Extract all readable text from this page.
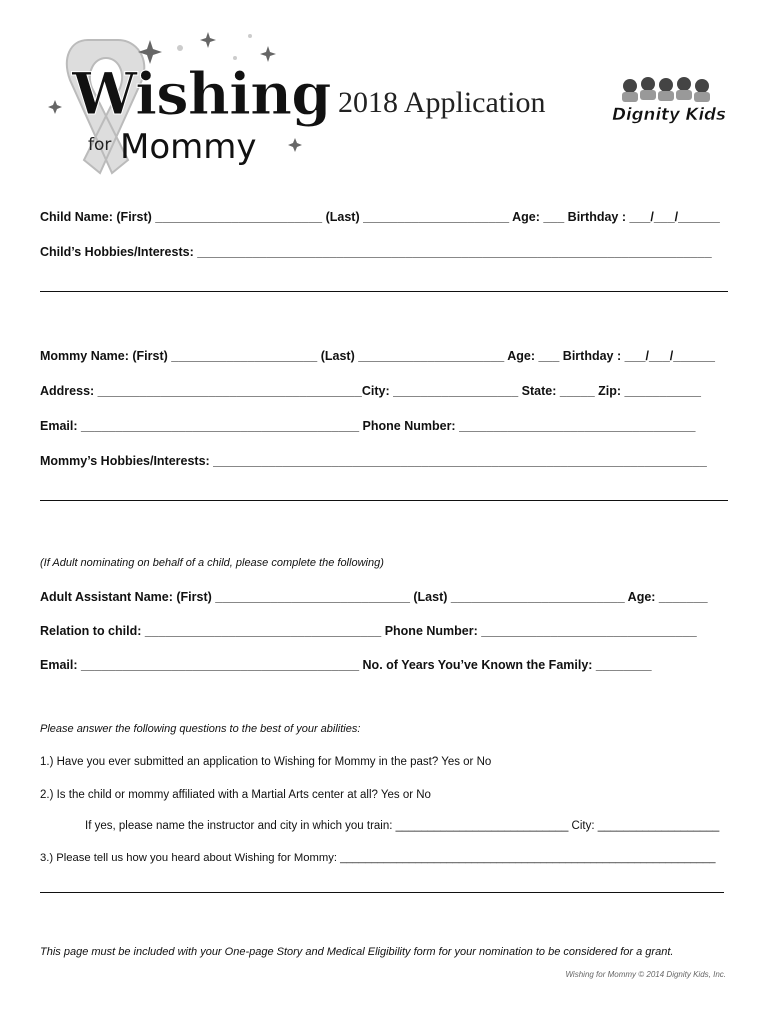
Wishing
for Mommy
2018 Application	Dignity Kids
Child Name: (First) ________________________ (Last) _____________________ Age: ___ Birthday : ___/___/______
Child’s Hobbies/Interests: __________________________________________________________________________
Mommy Name: (First) _____________________ (Last) _____________________ Age: ___ Birthday : ___/___/______
Address: ______________________________________City: __________________ State: _____ Zip: ___________
Email: ________________________________________ Phone Number: __________________________________
Mommy’s Hobbies/Interests: _______________________________________________________________________
(If Adult nominating on behalf of a child, please complete the following)
Adult Assistant Name: (First) ____________________________ (Last) _________________________ Age: _______
Relation to child: __________________________________ Phone Number: _______________________________
Email: ________________________________________ No. of Years You’ve Known the Family: ________
Please answer the following questions to the best of your abilities:
1.) Have you ever submitted an application to Wishing for Mommy in the past? Yes or No
2.) Is the child or mommy affiliated with a Martial Arts center at all? Yes or No
If yes, please name the instructor and city in which you train: ___________________________ City: ___________________
3.) Please tell us how you heard about Wishing for Mommy: ____________________________________________________________
This page must be included with your One-page Story and Medical Eligibility form for your nomination to be considered for a grant.
Wishing for Mommy © 2014 Dignity Kids, Inc.
